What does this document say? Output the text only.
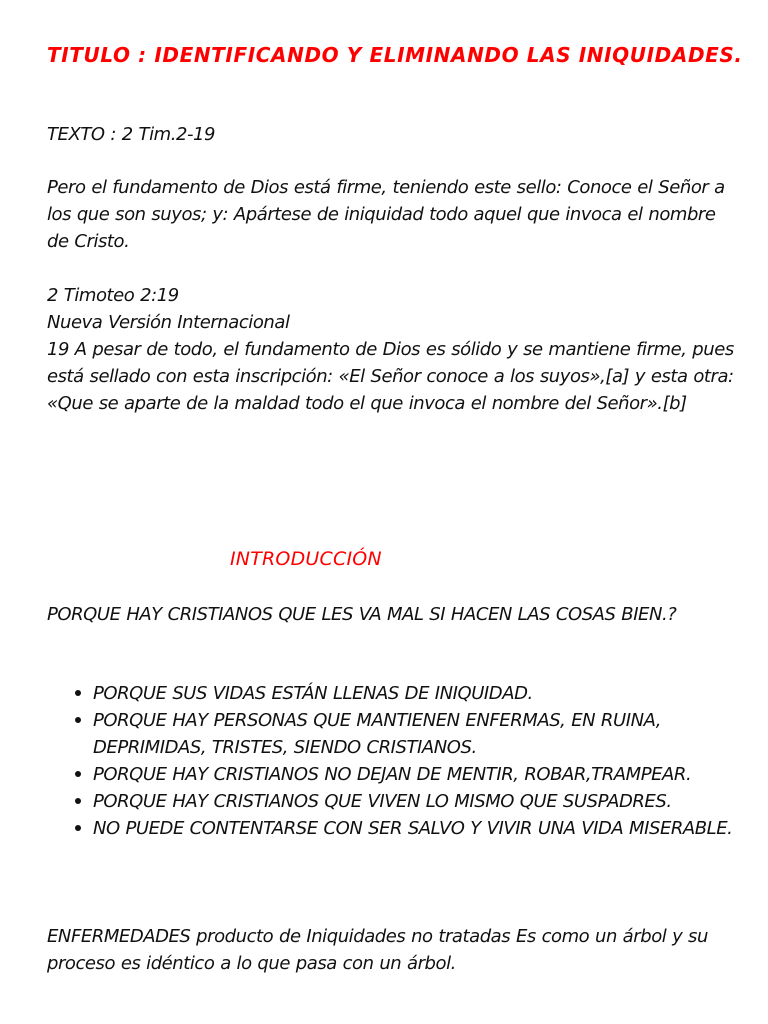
TITULO : IDENTIFICANDO Y ELIMINANDO LAS INIQUIDADES.

TEXTO : 2 Tim.2-19

Pero el fundamento de Dios está firme, teniendo este sello: Conoce el Señor a los que son suyos; y: Apártese de iniquidad todo aquel que invoca el nombre de Cristo.

2 Timoteo 2:19
Nueva Versión Internacional
19 A pesar de todo, el fundamento de Dios es sólido y se mantiene firme, pues está sellado con esta inscripción: «El Señor conoce a los suyos»,[a] y esta otra: «Que se aparte de la maldad todo el que invoca el nombre del Señor».[b]
INTRODUCCIÓN

PORQUE HAY CRISTIANOS QUE LES VA MAL SI HACEN LAS COSAS BIEN.?

PORQUE SUS VIDAS ESTÁN LLENAS DE INIQUIDAD.
PORQUE HAY PERSONAS QUE MANTIENEN ENFERMAS, EN RUINA, DEPRIMIDAS, TRISTES, SIENDO CRISTIANOS.
PORQUE HAY CRISTIANOS NO DEJAN DE MENTIR, ROBAR,TRAMPEAR.
PORQUE HAY CRISTIANOS QUE VIVEN LO MISMO QUE SUSPADRES.
NO PUEDE CONTENTARSE CON SER SALVO Y VIVIR UNA VIDA MISERABLE.

ENFERMEDADES producto de Iniquidades no tratadas Es como un árbol y su proceso es idéntico a lo que pasa con un árbol.
